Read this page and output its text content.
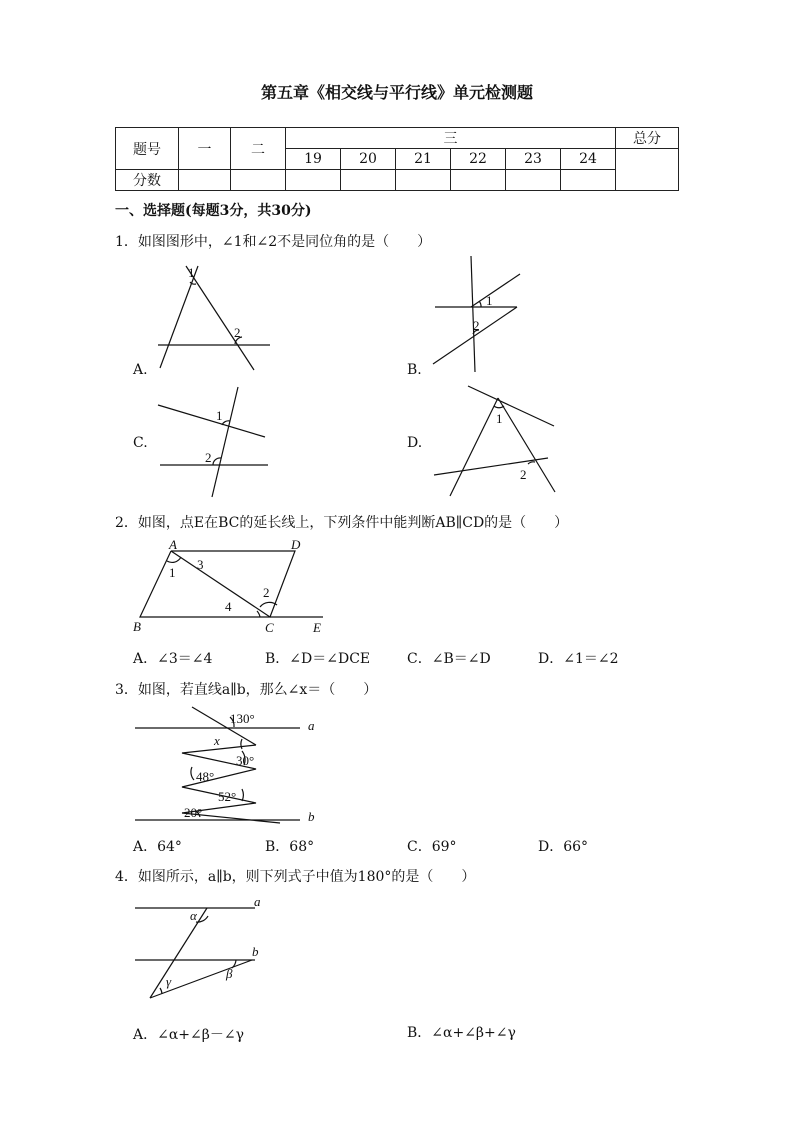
第五章《相交线与平行线》单元检测题
题号	一	二	三						总分
			19	20	21	22	23	24	
分数									
一、选择题(每题3分，共30分)
1．如图图形中，∠1和∠2不是同位角的是（　　）
1
2
A.
1
2
B.
1
2
C.
1
2
D.
2．如图，点E在BC的延长线上，下列条件中能判断AB∥CD的是（　　）
A	D
B	C	E
1
3
2
4
A．∠3＝∠4	B．∠D＝∠DCE	C．∠B＝∠D	D．∠1＝∠2
3．如图，若直线a∥b，那么∠x＝（　　）
130°	a
x
30°
48°
52°
20°	b
A．64°	B．68°	C．69°	D．66°
4．如图所示，a∥b，则下列式子中值为180°的是（　　）
a
α
b
β
γ
A．∠α+∠β－∠γ	B．∠α+∠β+∠γ
